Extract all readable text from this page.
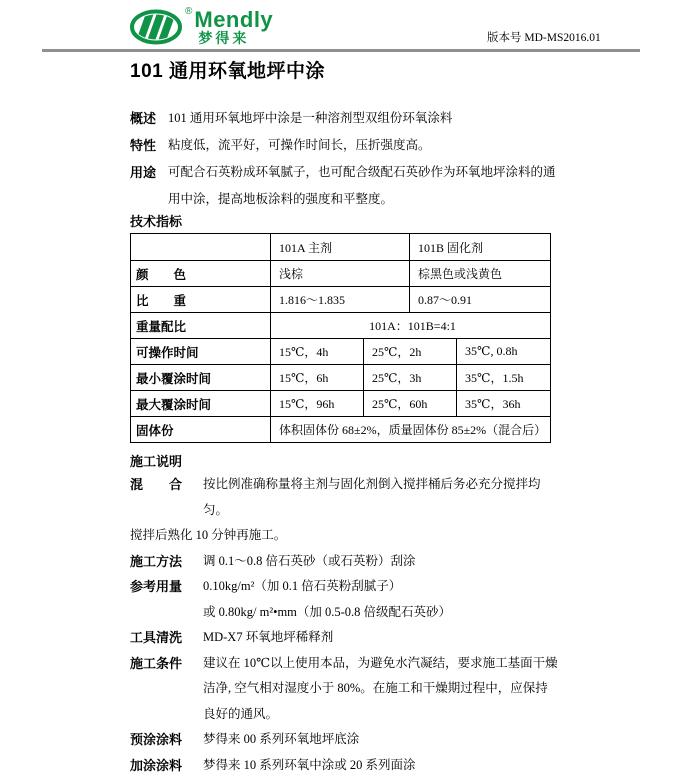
® Mendly
梦得来	版本号 MD-MS2016.01
101 通用环氧地坪中涂
概述 101 通用环氧地坪中涂是一种溶剂型双组份环氧涂料
特性 粘度低，流平好，可操作时间长，压折强度高。
用途 可配合石英粉成环氧腻子，也可配合级配石英砂作为环氧地坪涂料的通用中涂，提高地板涂料的强度和平整度。
技术指标
	101A 主剂		101B 固化剂	
颜　　色	浅棕		棕黑色或浅黄色	
比　　重	1.816～1.835		0.87～0.91	
重量配比	101A：101B=4:1			
可操作时间	15℃，4h	25℃，2h		35℃, 0.8h
最小覆涂时间	15℃，6h	25℃，3h		35℃，1.5h
最大覆涂时间	15℃，96h	25℃，60h		35℃，36h
固体份	体积固体份 68±2%，质量固体份 85±2%（混合后）			
施工说明
混　　合	按比例准确称量将主剂与固化剂倒入搅拌桶后务必充分搅拌均匀。
搅拌后熟化 10 分钟再施工。
施工方法	调 0.1～0.8 倍石英砂（或石英粉）刮涂
参考用量	0.10kg/m²（加 0.1 倍石英粉刮腻子）
或 0.80kg/ m²•mm（加 0.5-0.8 倍级配石英砂）
工具清洗	MD-X7 环氧地坪稀释剂
施工条件	建议在 10℃以上使用本品，为避免水汽凝结，要求施工基面干燥洁净, 空气相对湿度小于 80%。在施工和干燥期过程中，应保持良好的通风。
预涂涂料	梦得来 00 系列环氧地坪底涂
加涂涂料	梦得来 10 系列环氧中涂或 20 系列面涂
